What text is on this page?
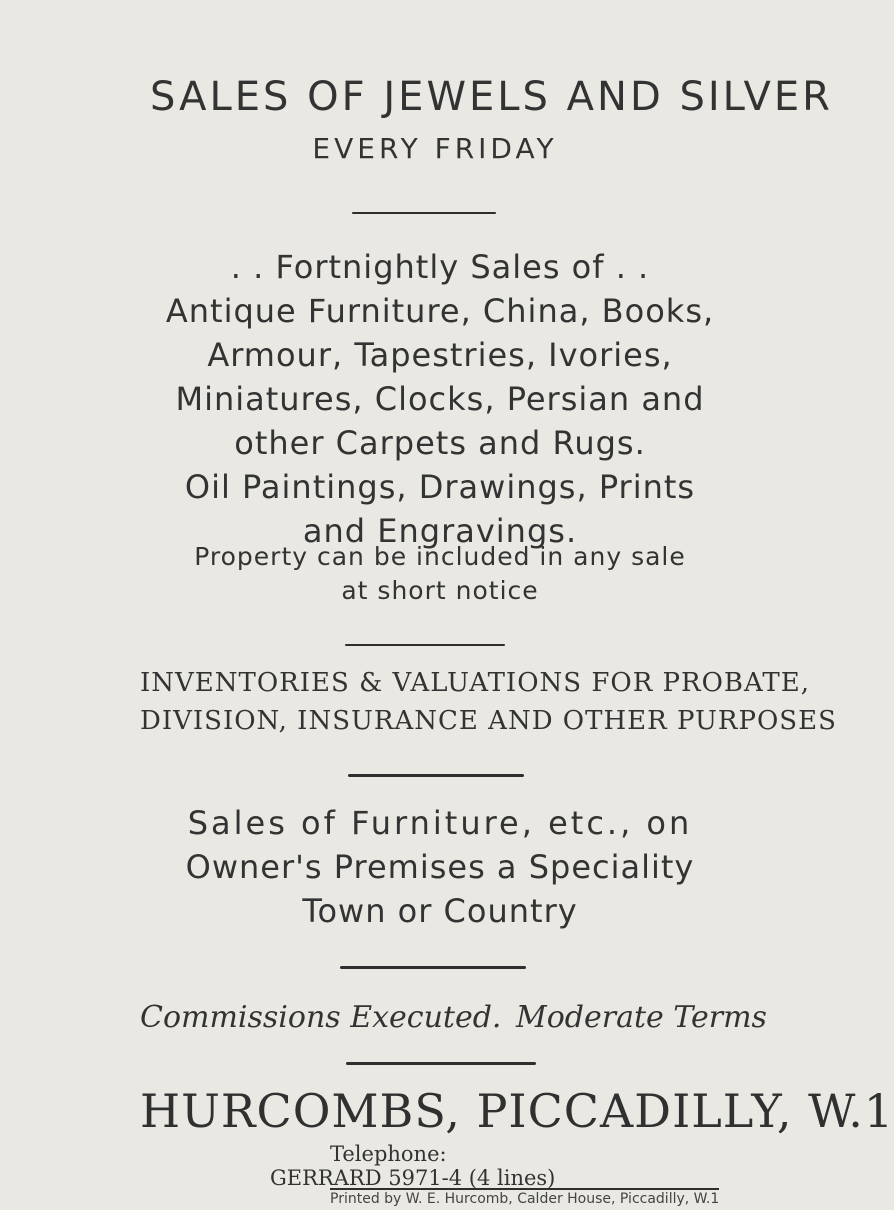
SALES OF JEWELS AND SILVER
EVERY FRIDAY
. . Fortnightly Sales of . .
Antique Furniture, China, Books,
Armour, Tapestries, Ivories,
Miniatures, Clocks, Persian and
other Carpets and Rugs.
Oil Paintings, Drawings, Prints
and Engravings.
Property can be included in any sale
at short notice
INVENTORIES & VALUATIONS FOR PROBATE,
DIVISION, INSURANCE AND OTHER PURPOSES
Sales of Furniture, etc., on
Owner's Premises a Speciality
Town or Country
Commissions Executed. Moderate Terms
HURCOMBS, PICCADILLY, W.1
Telephone:
GERRARD 5971-4 (4 lines)
Printed by W. E. Hurcomb, Calder House, Piccadilly, W.1
